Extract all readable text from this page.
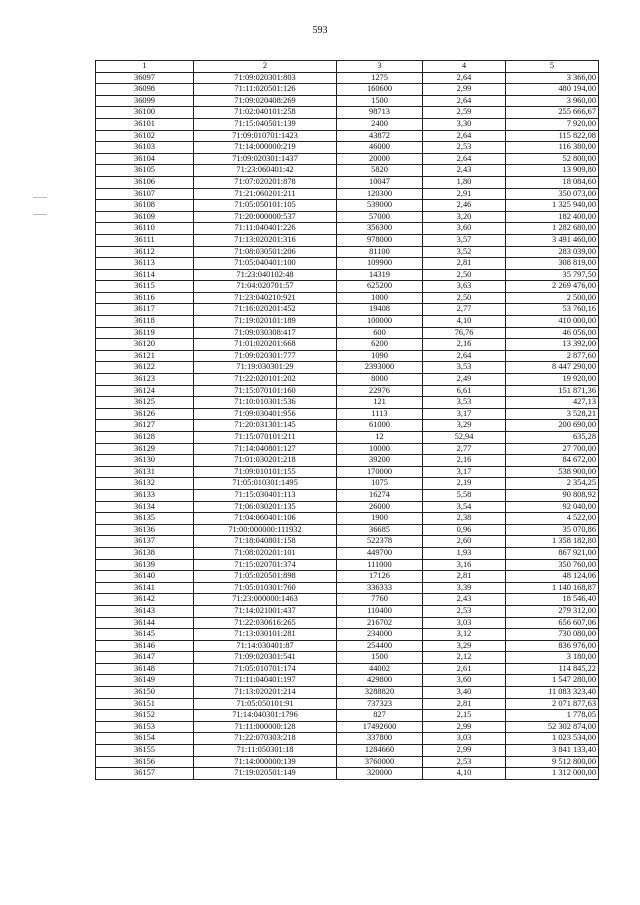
593
1	2	3	4	5
36097	71:09:020301:803	1275	2,64	3 366,00
36098	71:11:020501:126	160600	2,99	480 194,00
36099	71:09:020408:269	1500	2,64	3 960,00
36100	71:02:040101:258	98713	2,59	255 666,67
36101	71:15:040501:139	2400	3,30	7 920,00
36102	71:09:010701:1423	43872	2,64	115 822,08
36103	71:14:000000:219	46000	2,53	116 380,00
36104	71:09:020301:1437	20000	2,64	52 800,00
36105	71:23:060401:42	5820	2,43	13 909,80
36106	71:07:020201:878	10047	1,80	18 084,60
36107	71:21:060201:211	120300	2,91	350 073,00
36108	71:05:050101:105	539000	2,46	1 325 940,00
36109	71:20:000000:537	57000	3,20	182 400,00
36110	71:11:040401:226	356300	3,60	1 282 680,00
36111	71:13:020201:316	978000	3,57	3 491 460,00
36112	71:08:030501:206	81100	3,52	283 039,00
36113	71:05:040401:100	109900	2,81	308 819,00
36114	71:23:040102:48	14319	2,50	35 797,50
36115	71:04:020701:57	625200	3,63	2 269 476,00
36116	71:23:040210:921	1000	2,50	2 500,00
36117	71:16:020201:452	19408	2,77	53 760,16
36118	71:19:020101:189	100000	4,10	410 000,00
36119	71:09:030308:417	600	76,76	46 056,00
36120	71:01:020201:668	6200	2,16	13 392,00
36121	71:09:020301:777	1090	2,64	2 877,60
36122	71:19:030301:29	2393000	3,53	8 447 290,00
36123	71:22:020101:202	8000	2,49	19 920,00
36124	71:15:070101:160	22976	6,61	151 871,36
36125	71:10:010301:536	121	3,53	427,13
36126	71:09:030401:956	1113	3,17	3 528,21
36127	71:20:031301:145	61000	3,29	200 690,00
36128	71:15:070101:211	12	52,94	635,28
36129	71:14:040801:127	10000	2,77	27 700,00
36130	71:01:030201:218	39200	2,16	84 672,00
36131	71:09:010101:155	170000	3,17	538 900,00
36132	71:05:010301:1495	1075	2,19	2 354,25
36133	71:15:030401:113	16274	5,58	90 808,92
36134	71:06:030201:135	26000	3,54	92 040,00
36135	71:04:060401:106	1900	2,38	4 522,00
36136	71:00:000000:111932	36685	0,96	35 070,86
36137	71:18:040801:158	522378	2,60	1 358 182,80
36138	71:08:020201:101	449700	1,93	867 921,00
36139	71:15:020701:374	111000	3,16	350 760,00
36140	71:05:020501:898	17126	2,81	48 124,06
36141	71:05:010301:760	336333	3,39	1 140 168,87
36142	71:23:000000:1463	7760	2,43	18 546,40
36143	71:14:021001:437	110400	2,53	279 312,00
36144	71:22:030616:265	216702	3,03	656 607,06
36145	71:13:030101:281	234000	3,12	730 080,00
36146	71:14:030401:87	254400	3,29	836 976,00
36147	71:09:020301:541	1500	2,12	3 180,00
36148	71:05:010701:174	44002	2,61	114 845,22
36149	71:11:040401:197	429800	3,60	1 547 280,00
36150	71:13:020201:214	3288820	3,40	11 083 323,40
36151	71:05:050101:91	737323	2,81	2 071 877,63
36152	71:14:040301:1796	827	2,15	1 778,05
36153	71:11:000000:128	17492600	2,99	52 302 874,00
36154	71:22:070303:218	337800	3,03	1 023 534,00
36155	71:11:050301:18	1284660	2,99	3 841 133,40
36156	71:14:000000:139	3760000	2,53	9 512 800,00
36157	71:19:020501:149	320000	4,10	1 312 000,00
